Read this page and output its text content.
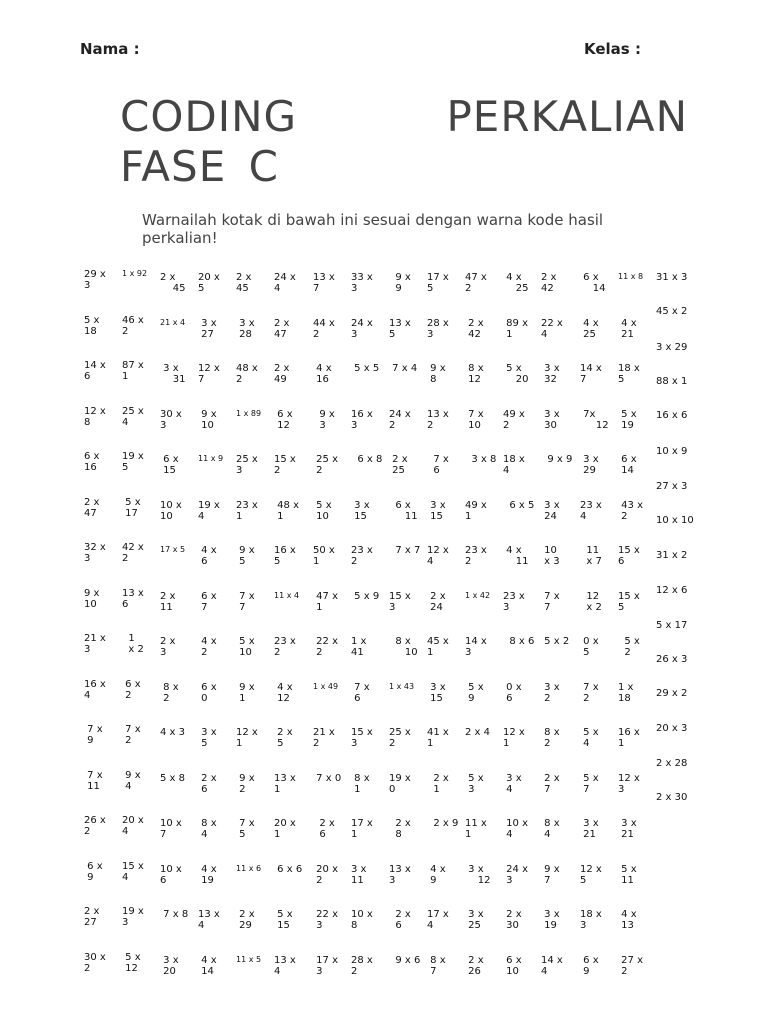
Nama :	Kelas :
CODING PERKALIAN FASE C
Warnailah kotak di bawah ini sesuai dengan warna kode hasil perkalian!
29 x
3
5 x
18
14 x
6
12 x
8
6 x
16
2 x
47
32 x
3
9 x
10
21 x
3
16 x
4
7 x
9
7 x
11
26 x
2
6 x
9
2 x
27
30 x
2
1 x 92
46 x
2
87 x
1
25 x
4
19 x
5
5 x
17
42 x
2
13 x
6
1
x 2
6 x
2
7 x
2
9 x
4
20 x
4
15 x
4
19 x
3
5 x
12
2 x
45
21 x 4
3 x
31
30 x
3
6 x
15
10 x
10
17 x 5
2 x
11
2 x
3
8 x
2
4 x 3
5 x 8
10 x
7
10 x
6
7 x 8
3 x
20
20 x
5
3 x
27
12 x
7
9 x
10
11 x 9
19 x
4
4 x
6
6 x
7
4 x
2
6 x
0
3 x
5
2 x
6
8 x
4
4 x
19
13 x
4
4 x
14
2 x
45
3 x
28
48 x
2
1 x 89
25 x
3
23 x
1
9 x
5
7 x
7
5 x
10
9 x
1
12 x
1
9 x
2
7 x
5
11 x 6
2 x
29
11 x 5
24 x
4
2 x
47
2 x
49
6 x
12
15 x
2
48 x
1
16 x
5
11 x 4
23 x
2
4 x
12
2 x
5
13 x
1
20 x
1
6 x 6
5 x
15
13 x
4
13 x
7
44 x
2
4 x
16
9 x
3
25 x
2
5 x
10
50 x
1
47 x
1
22 x
2
1 x 49
21 x
2
7 x 0
2 x
6
20 x
2
22 x
3
17 x
3
33 x
3
24 x
3
5 x 5
16 x
3
6 x 8
3 x
15
23 x
2
5 x 9
1 x
41
7 x
6
15 x
3
8 x
1
17 x
1
3 x
11
10 x
8
28 x
2
9 x
9
13 x
5
7 x 4
24 x
2
2 x
25
6 x
11
7 x 7
15 x
3
8 x
10
1 x 43
25 x
2
19 x
0
2 x
8
13 x
3
2 x
6
9 x 6
17 x
5
28 x
3
9 x
8
13 x
2
7 x
6
3 x
15
12 x
4
2 x
24
45 x
1
3 x
15
41 x
1
2 x
1
2 x 9
4 x
9
17 x
4
8 x
7
47 x
2
2 x
42
8 x
12
7 x
10
3 x 8
49 x
1
23 x
2
1 x 42
14 x
3
5 x
9
2 x 4
5 x
3
11 x
1
3 x
12
3 x
25
2 x
26
4 x
25
89 x
1
5 x
20
49 x
2
18 x
4
6 x 5
4 x
11
23 x
3
8 x 6
0 x
6
12 x
1
3 x
4
10 x
4
24 x
3
2 x
30
6 x
10
2 x
42
22 x
4
3 x
32
3 x
30
9 x 9
3 x
24
10
x 3
7 x
7
5 x 2
3 x
2
8 x
2
2 x
7
8 x
4
9 x
7
3 x
19
14 x
4
6 x
14
4 x
25
14 x
7
7x
12
3 x
29
23 x
4
11
x 7
12
x 2
0 x
5
7 x
2
5 x
4
5 x
7
3 x
21
12 x
5
18 x
3
6 x
9
11 x 8
4 x
21
18 x
5
5 x
19
6 x
14
43 x
2
15 x
6
15 x
5
5 x
2
1 x
18
16 x
1
12 x
3
3 x
21
5 x
11
4 x
13
27 x
2
31 x 3
45 x 2
3 x 29
88 x 1
16 x 6
10 x 9
27 x 3
10 x 10
31 x 2
12 x 6
5 x 17
26 x 3
29 x 2
20 x 3
2 x 28
2 x 30
